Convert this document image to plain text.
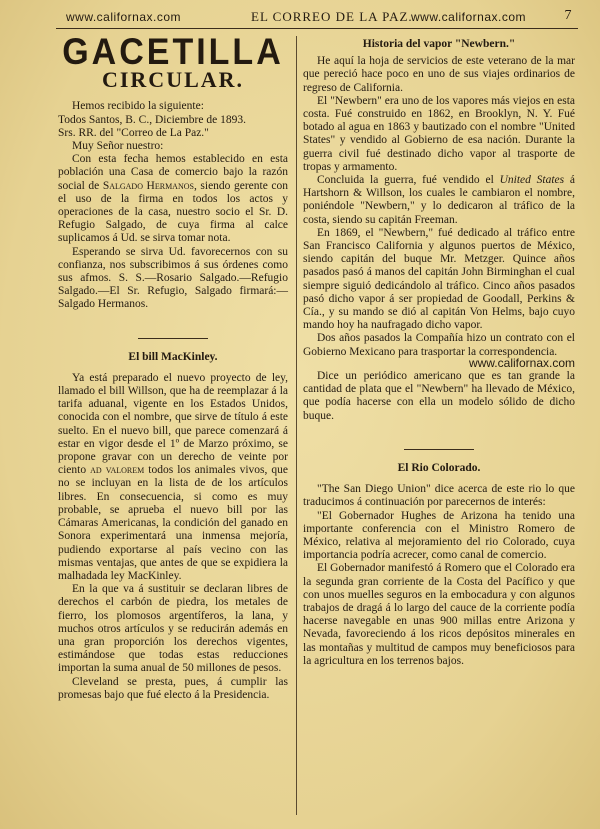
www.californax.com	EL CORREO DE LA PAZ.
www.californax.com	7
GACETILLA
CIRCULAR.

Hemos recibido la siguiente:

Todos Santos, B. C., Diciembre de 1893.

Srs. RR. del "Correo de La Paz."

Muy Señor nuestro:

Con esta fecha hemos establecido en esta población una Casa de comercio bajo la razón social de Salgado Hermanos, siendo gerente con el uso de la firma en todos los actos y operaciones de la casa, nuestro socio el Sr. D. Refugio Salgado, de cuya firma al calce suplicamos á Ud. se sirva tomar nota.

Esperando se sirva Ud. favorecernos con su confianza, nos subscribimos á sus órdenes como sus afmos. S. S.—Rosario Salgado.—Refugio Salgado.—El Sr. Refugio, Salgado firmará:—Salgado Hermanos.

El bill MacKinley.

Ya está preparado el nuevo proyecto de ley, llamado el bill Willson, que ha de reemplazar á la tarifa aduanal, vigente en los Estados Unidos, conocida con el nombre, que sirve de título á este suelto. En el nuevo bill, que parece comenzará á estar en vigor desde el 1º de Marzo próximo, se propone gravar con un derecho de veinte por ciento ad valorem todos los animales vivos, que no se incluyan en la lista de de los artículos libres. En consecuencia, si como es muy probable, se aprueba el nuevo bill por las Cámaras Americanas, la condición del ganado en Sonora experimentará una inmensa mejoría, pudiendo exportarse al país vecino con las mismas ventajas, que antes de que se expidiera la malhadada ley MacKinley.

En la que va á sustituir se declaran libres de derechos el carbón de piedra, los metales de fierro, los plomosos argentíferos, la lana, y muchos otros artículos y se reducirán además en una gran proporción los derechos vigentes, estimándose que todas estas reducciones importan la suma anual de 50 millones de pesos.

Cleveland se presta, pues, á cumplir las promesas bajo que fué electo á la Presidencia.

Historia del vapor "Newbern."

He aquí la hoja de servicios de este veterano de la mar que pereció hace poco en uno de sus viajes ordinarios de regreso de California.

El "Newbern" era uno de los vapores más viejos en esta costa. Fué construido en 1862, en Brooklyn, N. Y. Fué botado al agua en 1863 y bautizado con el nombre "United States" y vendido al Gobierno de esa nación. Durante la guerra civil fué destinado dicho vapor al trasporte de tropas y armamento.

Concluida la guerra, fué vendido el United States á Hartshorn & Willson, los cuales le cambiaron el nombre, poniéndole "Newbern," y lo dedicaron al tráfico de la costa, siendo su capitán Freeman.

En 1869, el "Newbern," fué dedicado al tráfico entre San Francisco California y algunos puertos de México, siendo capitán del buque Mr. Metzger. Quince años pasados pasó á manos del capitán John Birminghan el cual siempre siguió dedicándolo al tráfico. Cinco años pasados pasó dicho vapor á ser propiedad de Goodall, Perkins & Cía., y su mando se dió al capitán Von Helms, bajo cuyo mando hoy ha naufragado dicho vapor.

Dos años pasados la Compañía hizo un contrato con el Gobierno Mexicano para trasportar la correspondencia.

www.californax.com

Dice un periódico americano que es tan grande la cantidad de plata que el "Newbern" ha llevado de México, que podía hacerse con ella un modelo sólido de dicho buque.

El Rio Colorado.

"The San Diego Union" dice acerca de este rio lo que traducimos á continuación por parecernos de interés:

"El Gobernador Hughes de Arizona ha tenido una importante conferencia con el Ministro Romero de México, relativa al mejoramiento del rio Colorado, cuya importancia podría acrecer, como canal de comercio.

El Gobernador manifestó á Romero que el Colorado era la segunda gran corriente de la Costa del Pacífico y que con unos muelles seguros en la embocadura y con algunos trabajos de dragá á lo largo del cauce de la corriente podía hacerse navegable en unas 900 millas entre Arizona y Nevada, favoreciendo á los ricos depósitos minerales en las montañas y multitud de campos muy beneficiosos para la agricultura en los terrenos bajos.
